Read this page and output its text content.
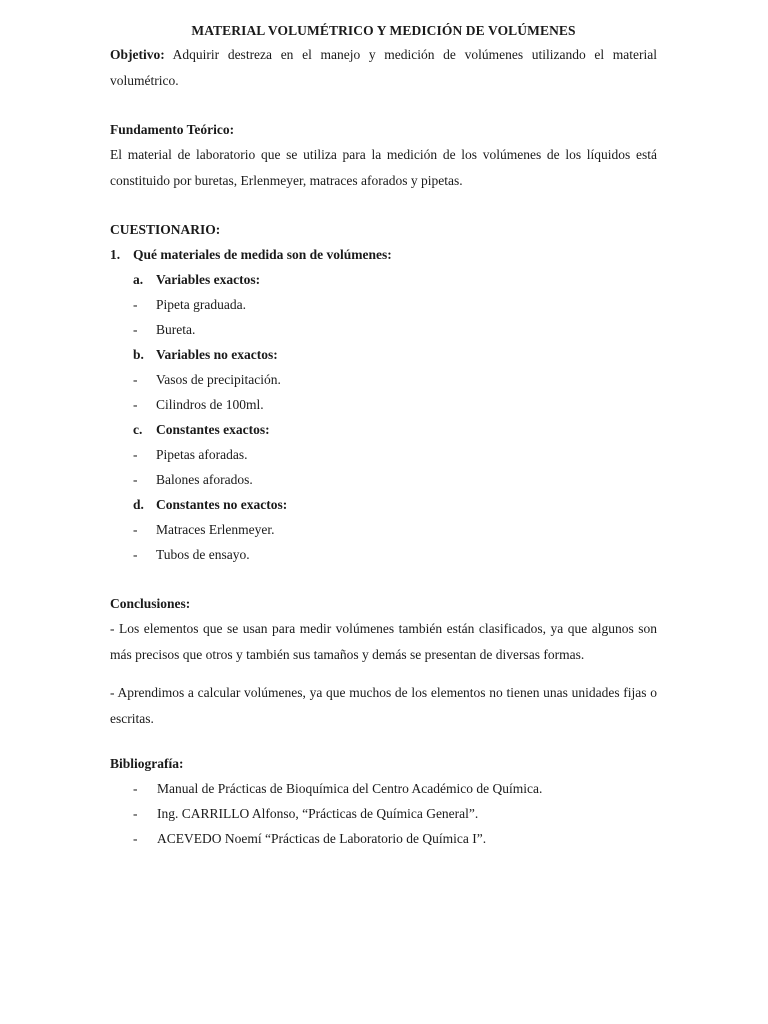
MATERIAL VOLUMÉTRICO Y MEDICIÓN DE VOLÚMENES
Objetivo: Adquirir destreza en el manejo y medición de volúmenes utilizando el material volumétrico.
Fundamento Teórico:
El material de laboratorio que se utiliza para la medición de los volúmenes de los líquidos está constituido por buretas, Erlenmeyer, matraces aforados y pipetas.
CUESTIONARIO:
1. Qué materiales de medida son de volúmenes:
a. Variables exactos:
-	Pipeta graduada.
-	Bureta.
b. Variables no exactos:
-	Vasos de precipitación.
-	Cilindros de 100ml.
c.	Constantes exactos:
-	Pipetas aforadas.
-	Balones aforados.
d. Constantes no exactos:
-	Matraces Erlenmeyer.
-	Tubos de ensayo.
Conclusiones:
- Los elementos que se usan para medir volúmenes también están clasificados, ya que algunos son más precisos que otros y también sus tamaños y demás se presentan de diversas formas.
- Aprendimos a calcular volúmenes, ya que muchos de los elementos no tienen unas unidades fijas o escritas.
Bibliografía:
-	Manual de Prácticas de Bioquímica del Centro Académico de Química.
-	Ing. CARRILLO Alfonso, “Prácticas de Química General”.
-	ACEVEDO Noemí “Prácticas de Laboratorio de Química I”.
